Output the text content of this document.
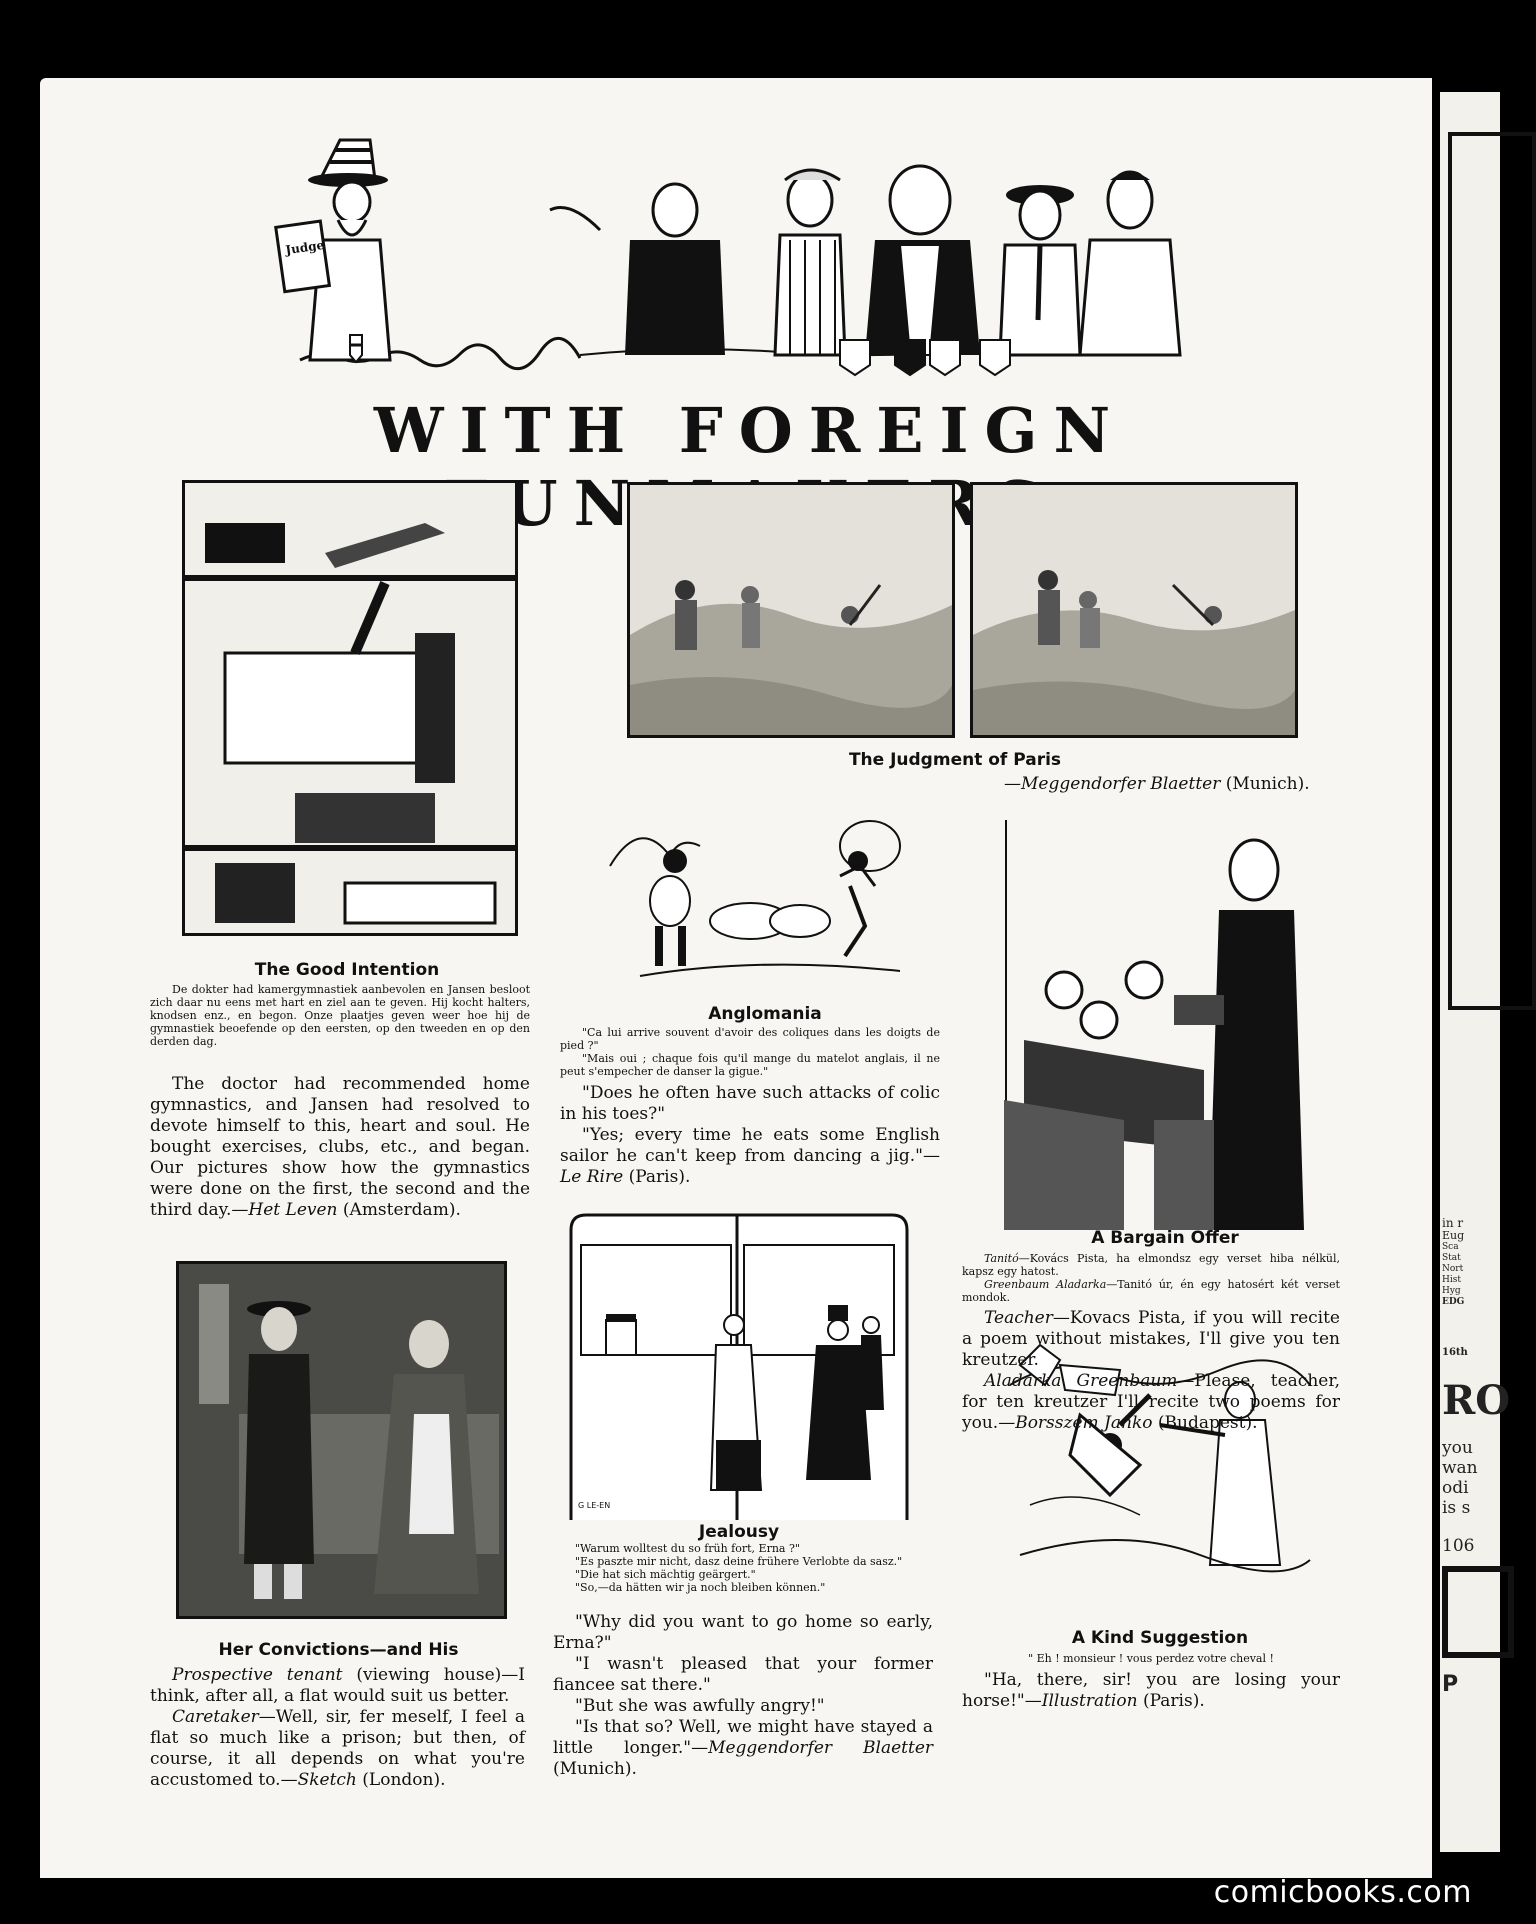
in r
Eug
Sca
Stat
Nort
Hist
Hyg
EDG
16th
RO
you
wan
odi
is s
106
P
Judge
WITH FOREIGN
G LE-EN
The Good Intention

De dokter had kamergymnastiek aanbevolen en Jansen besloot zich daar nu eens met hart en ziel aan te geven. Hij kocht halters, knodsen enz., en begon. Onze plaatjes geven weer hoe hij de gymnastiek beoefende op den eersten, op den tweeden en op den derden dag.

The doctor had recommended home gymnastics, and Jansen had resolved to devote himself to this, heart and soul. He bought exercises, clubs, etc., and began. Our pictures show how the gymnastics were done on the first, the second and the third day.—Het Leven (Amsterdam).

The Judgment of Paris
—Meggendorfer Blaetter (Munich).
Anglomania

"Ca lui arrive souvent d'avoir des coliques dans les doigts de pied ?"

"Mais oui ; chaque fois qu'il mange du matelot anglais, il ne peut s'empecher de danser la gigue."

"Does he often have such attacks of colic in his toes?"

"Yes; every time he eats some English sailor he can't keep from dancing a jig."—Le Rire (Paris).

A Bargain Offer

Tanitó—Kovács Pista, ha elmondsz egy verset hiba nélkül, kapsz egy hatost.

Greenbaum Aladarka—Tanitó úr, én egy hatosért két verset mondok.

Teacher—Kovacs Pista, if you will recite a poem without mistakes, I'll give you ten kreutzer.

Aladarka Greenbaum—Please, teacher, for ten kreutzer I'll recite two poems for you.—Borsszem Janko (Budapest).

Her Convictions—and His

Prospective tenant (viewing house)—I think, after all, a flat would suit us better.

Caretaker—Well, sir, fer meself, I feel a flat so much like a prison; but then, of course, it all depends on what you're accustomed to.—Sketch (London).

Jealousy

"Warum wolltest du so früh fort, Erna ?"

"Es paszte mir nicht, dasz deine frühere Verlobte da sasz."

"Die hat sich mächtig geärgert."

"So,—da hätten wir ja noch bleiben können."

"Why did you want to go home so early, Erna?"

"I wasn't pleased that your former fiancee sat there."

"But she was awfully angry!"

"Is that so? Well, we might have stayed a little longer."—Meggendorfer Blaetter (Munich).

A Kind Suggestion

" Eh ! monsieur ! vous perdez votre cheval !

"Ha, there, sir! you are losing your horse!"—Illustration (Paris).

comicbooks.com
